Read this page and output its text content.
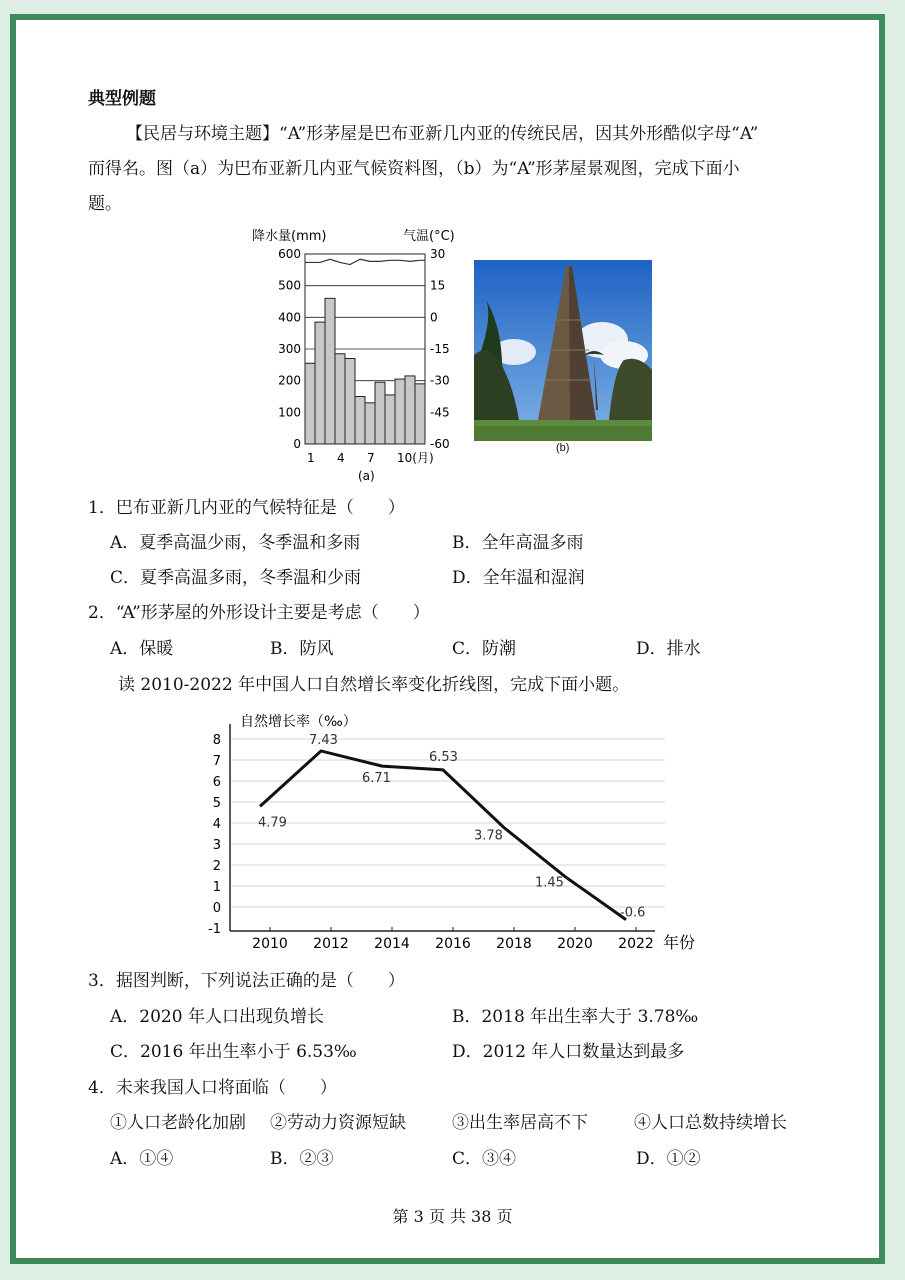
典型例题
【民居与环境主题】“A”形茅屋是巴布亚新几内亚的传统民居，因其外形酷似字母“A”
而得名。图（a）为巴布亚新几内亚气候资料图，（b）为“A”形茅屋景观图，完成下面小
题。
降水量(mm)	气温(°C)
600
500
400
300
200
100
0
30
15
0
-15
-30
-45
-60
1 4 7 10(月)
(a)
(b)
1．巴布亚新几内亚的气候特征是（　　）
A．夏季高温少雨，冬季温和多雨	B．全年高温多雨
C．夏季高温多雨，冬季温和少雨	D．全年温和湿润
2．“A”形茅屋的外形设计主要是考虑（　　）
A．保暖	B．防风	C．防潮	D．排水
读 2010-2022 年中国人口自然增长率变化折线图，完成下面小题。
自然增长率（‰）
8
7
6
5
4
3
2
1
0
-1
2010 2012 2014 2016 2018 2020 2022
4.79
7.43
6.71
6.53
3.78
1.45
-0.6
年份
3．据图判断，下列说法正确的是（　　）
A．2020 年人口出现负增长	B．2018 年出生率大于 3.78‰
C．2016 年出生率小于 6.53‰	D．2012 年人口数量达到最多
4．未来我国人口将面临（　　）
①人口老龄化加剧 ②劳动力资源短缺	③出生率居高不下	④人口总数持续增长
A．①④	B．②③	C．③④	D．①②
第 3 页 共 38 页
